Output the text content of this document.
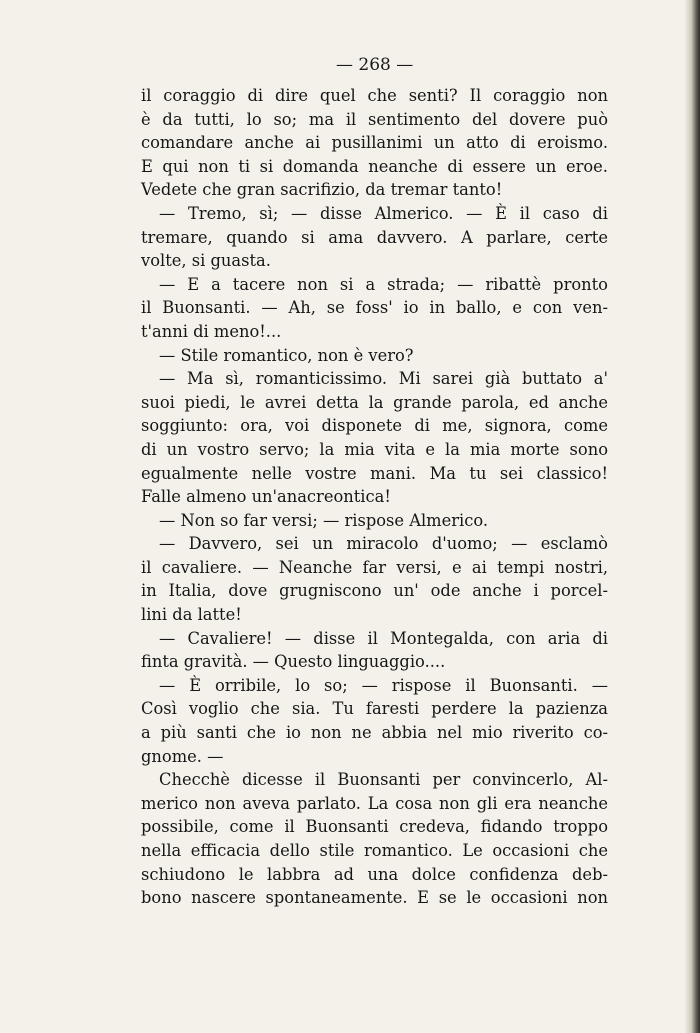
— 268 —
il coraggio di dire quel che senti? Il coraggio non
è da tutti, lo so; ma il sentimento del dovere può
comandare anche ai pusillanimi un atto di eroismo.
E qui non ti si domanda neanche di essere un eroe.
Vedete che gran sacrifizio, da tremar tanto!
— Tremo, sì; — disse Almerico. — È il caso di
tremare, quando si ama davvero. A parlare, certe
volte, si guasta.
— E a tacere non si a strada; — ribattè pronto
il Buonsanti. — Ah, se foss' io in ballo, e con ven-
t'anni di meno!...
— Stile romantico, non è vero?
— Ma sì, romanticissimo. Mi sarei già buttato a'
suoi piedi, le avrei detta la grande parola, ed anche
soggiunto: ora, voi disponete di me, signora, come
di un vostro servo; la mia vita e la mia morte sono
egualmente nelle vostre mani. Ma tu sei classico!
Falle almeno un'anacreontica!
— Non so far versi; — rispose Almerico.
— Davvero, sei un miracolo d'uomo; — esclamò
il cavaliere. — Neanche far versi, e ai tempi nostri,
in Italia, dove grugniscono un' ode anche i porcel-
lini da latte!
— Cavaliere! — disse il Montegalda, con aria di
finta gravità. — Questo linguaggio....
— È orribile, lo so; — rispose il Buonsanti. —
Così voglio che sia. Tu faresti perdere la pazienza
a più santi che io non ne abbia nel mio riverito co-
gnome. —
Checchè dicesse il Buonsanti per convincerlo, Al-
merico non aveva parlato. La cosa non gli era neanche
possibile, come il Buonsanti credeva, fidando troppo
nella efficacia dello stile romantico. Le occasioni che
schiudono le labbra ad una dolce confidenza deb-
bono nascere spontaneamente. E se le occasioni non
